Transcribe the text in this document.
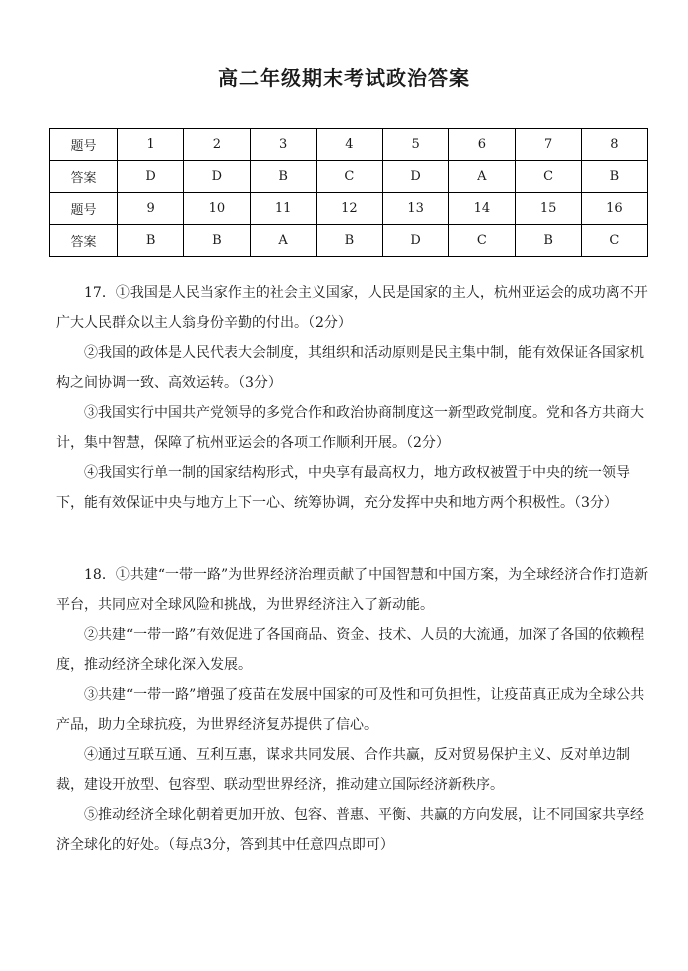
高二年级期末考试政治答案
题号	1	2	3	4	5	6	7	8
答案	D	D	B	C	D	A	C	B
题号	9	10	11	12	13	14	15	16
答案	B	B	A	B	D	C	B	C

17．①我国是人民当家作主的社会主义国家，人民是国家的主人，杭州亚运会的成功离不开广大人民群众以主人翁身份辛勤的付出。（2分）

②我国的政体是人民代表大会制度，其组织和活动原则是民主集中制，能有效保证各国家机构之间协调一致、高效运转。（3分）

③我国实行中国共产党领导的多党合作和政治协商制度这一新型政党制度。党和各方共商大计，集中智慧，保障了杭州亚运会的各项工作顺利开展。（2分）

④我国实行单一制的国家结构形式，中央享有最高权力，地方政权被置于中央的统一领导下，能有效保证中央与地方上下一心、统筹协调，充分发挥中央和地方两个积极性。（3分）

18．①共建“一带一路”为世界经济治理贡献了中国智慧和中国方案，为全球经济合作打造新平台，共同应对全球风险和挑战，为世界经济注入了新动能。

②共建“一带一路”有效促进了各国商品、资金、技术、人员的大流通，加深了各国的依赖程度，推动经济全球化深入发展。

③共建“一带一路”增强了疫苗在发展中国家的可及性和可负担性，让疫苗真正成为全球公共产品，助力全球抗疫，为世界经济复苏提供了信心。

④通过互联互通、互利互惠，谋求共同发展、合作共赢，反对贸易保护主义、反对单边制裁，建设开放型、包容型、联动型世界经济，推动建立国际经济新秩序。

⑤推动经济全球化朝着更加开放、包容、普惠、平衡、共赢的方向发展，让不同国家共享经济全球化的好处。（每点3分，答到其中任意四点即可）
